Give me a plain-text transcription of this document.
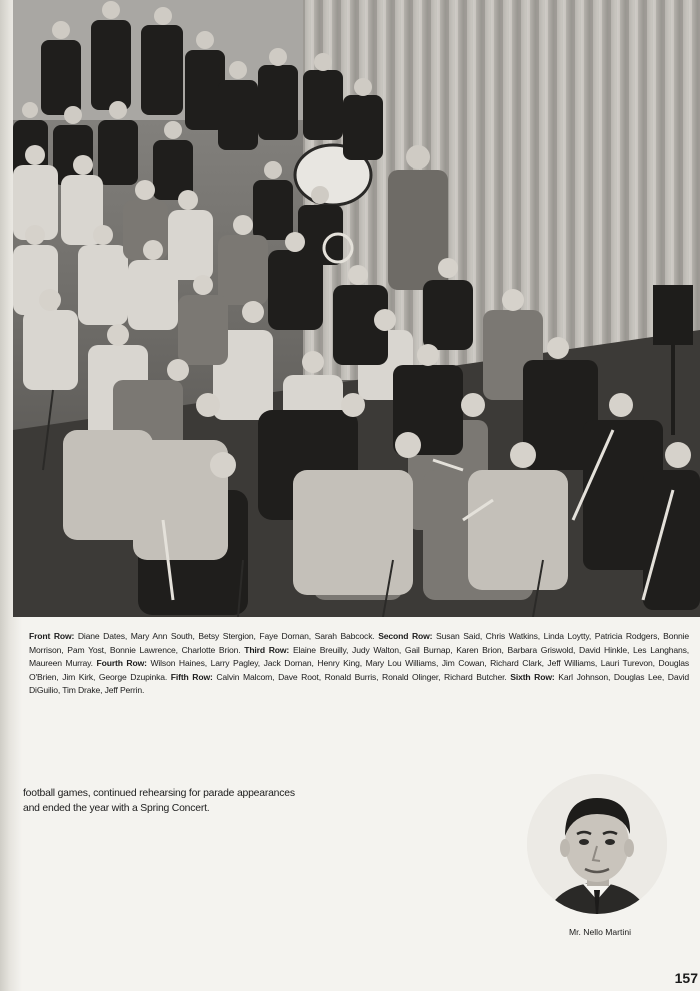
Front Row: Diane Dates, Mary Ann South, Betsy Stergion, Faye Dornan, Sarah Babcock. Second Row: Susan Said, Chris Watkins, Linda Loytty, Patricia Rodgers, Bonnie Morrison, Pam Yost, Bonnie Lawrence, Charlotte Brion. Third Row: Elaine Breuilly, Judy Walton, Gail Burnap, Karen Brion, Barbara Griswold, David Hinkle, Les Langhans, Maureen Murray. Fourth Row: Wilson Haines, Larry Pagley, Jack Dornan, Henry King, Mary Lou Williams, Jim Cowan, Richard Clark, Jeff Williams, Lauri Turevon, Douglas O'Brien, Jim Kirk, George Dzupinka. Fifth Row: Calvin Malcom, Dave Root, Ronald Burris, Ronald Olinger, Richard Butcher. Sixth Row: Karl Johnson, Douglas Lee, David DiGuilio, Tim Drake, Jeff Perrin.
football games, continued rehearsing for parade appearances
and ended the year with a Spring Concert.
Mr. Nello Martini
157
